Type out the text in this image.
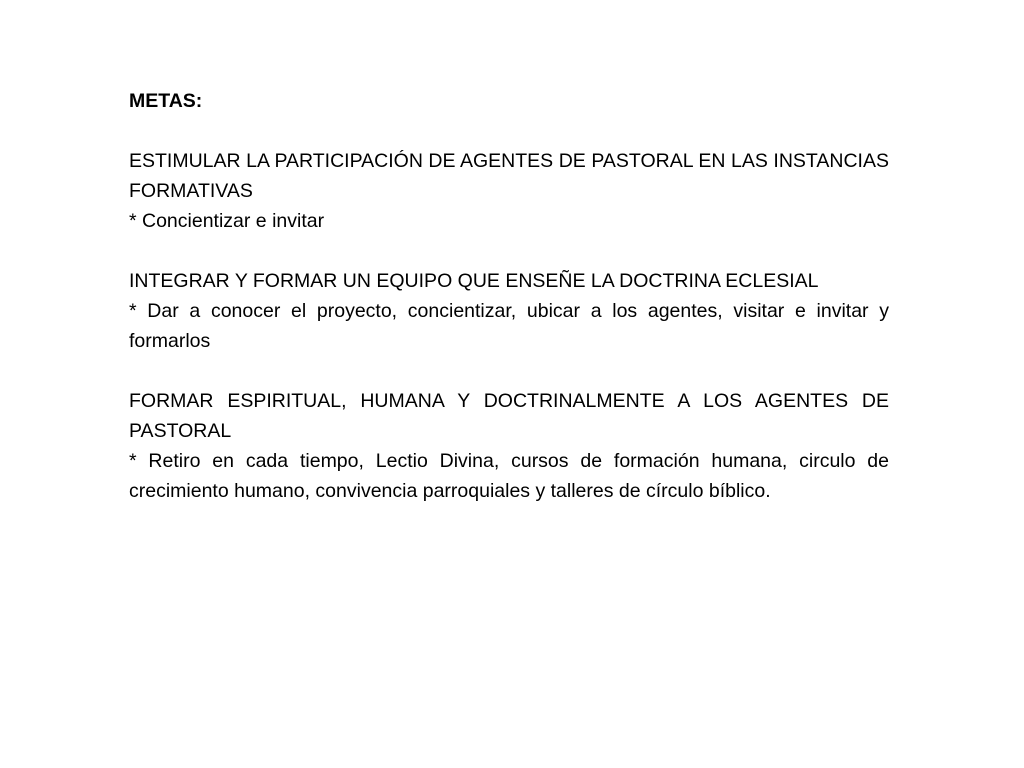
METAS:

ESTIMULAR LA PARTICIPACIÓN DE AGENTES DE PASTORAL EN LAS INSTANCIAS FORMATIVAS

* Concientizar e invitar

INTEGRAR Y FORMAR UN EQUIPO QUE ENSEÑE LA DOCTRINA ECLESIAL

* Dar a conocer el proyecto, concientizar, ubicar a los agentes, visitar e invitar y formarlos

FORMAR ESPIRITUAL, HUMANA Y DOCTRINALMENTE A LOS AGENTES DE PASTORAL

* Retiro en cada tiempo, Lectio Divina, cursos de formación humana, circulo de crecimiento humano, convivencia parroquiales y talleres de círculo bíblico.
